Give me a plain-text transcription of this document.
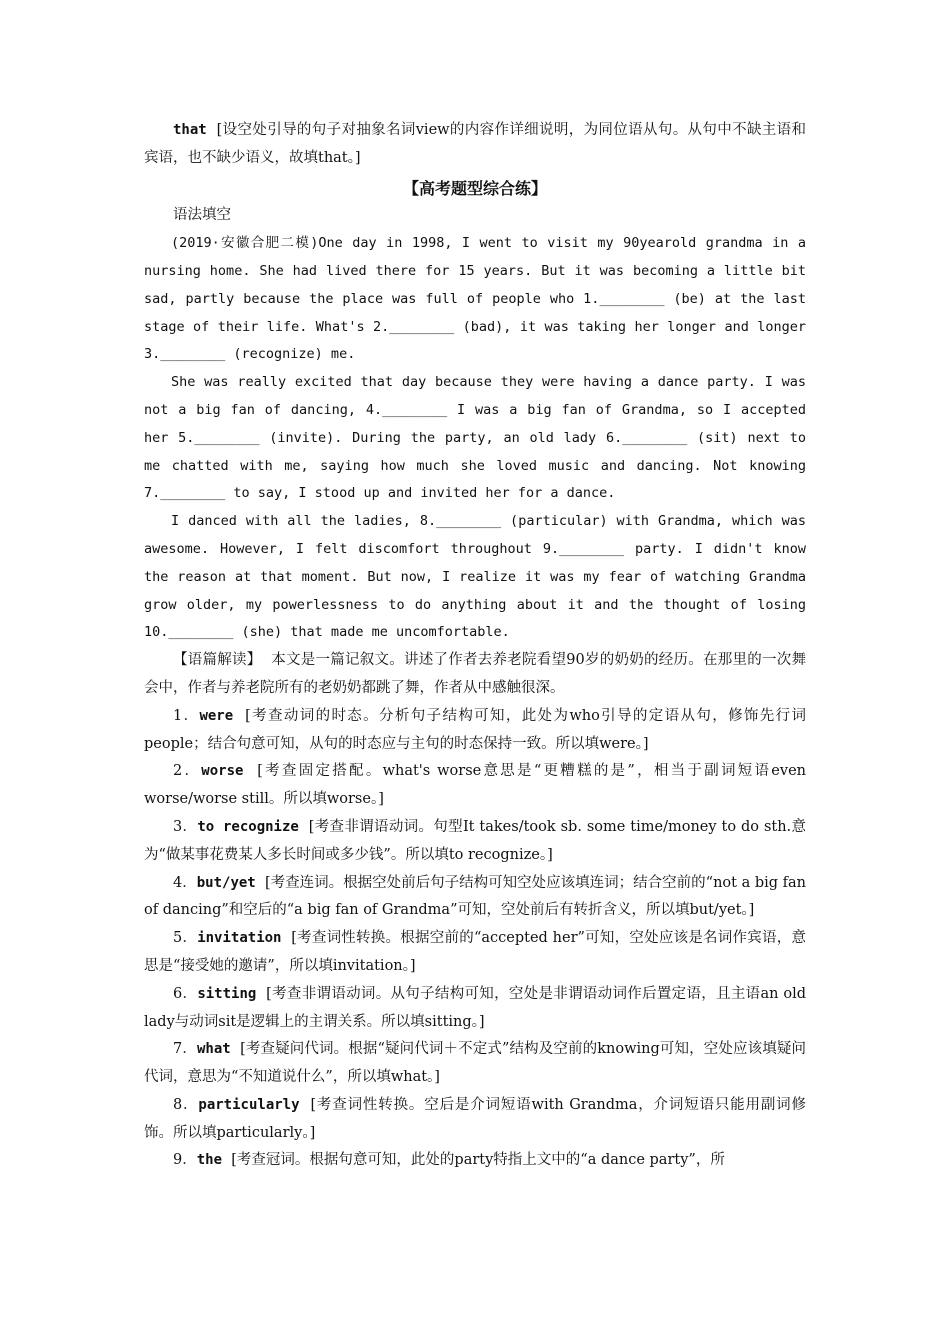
that [设空处引导的句子对抽象名词view的内容作详细说明，为同位语从句。从句中不缺主语和宾语，也不缺少语义，故填that。]

【高考题型综合练】

语法填空

(2019·安徽合肥二模)One day in 1998, I went to visit my 90yearold grandma in a nursing home. She had lived there for 15 years. But it was becoming a little bit sad, partly because the place was full of people who 1.________ (be) at the last stage of their life. What's 2.________ (bad), it was taking her longer and longer 3.________ (recognize) me.

She was really excited that day because they were having a dance party. I was not a big fan of dancing, 4.________ I was a big fan of Grandma, so I accepted her 5.________ (invite). During the party, an old lady 6.________ (sit) next to me chatted with me, saying how much she loved music and dancing. Not knowing 7.________ to say, I stood up and invited her for a dance.

I danced with all the ladies, 8.________ (particular) with Grandma, which was awesome. However, I felt discomfort throughout 9.________ party. I didn't know the reason at that moment. But now, I realize it was my fear of watching Grandma grow older, my powerlessness to do anything about it and the thought of losing 10.________ (she) that made me uncomfortable.

【语篇解读】 本文是一篇记叙文。讲述了作者去养老院看望90岁的奶奶的经历。在那里的一次舞会中，作者与养老院所有的老奶奶都跳了舞，作者从中感触很深。

1．were [考查动词的时态。分析句子结构可知，此处为who引导的定语从句，修饰先行词people；结合句意可知，从句的时态应与主句的时态保持一致。所以填were。]

2．worse [考查固定搭配。what's worse意思是“更糟糕的是”，相当于副词短语even worse/worse still。所以填worse。]

3．to recognize [考查非谓语动词。句型It takes/took sb. some time/money to do sth.意为“做某事花费某人多长时间或多少钱”。所以填to recognize。]

4．but/yet [考查连词。根据空处前后句子结构可知空处应该填连词；结合空前的“not a big fan of dancing”和空后的“a big fan of Grandma”可知，空处前后有转折含义，所以填but/yet。]

5．invitation [考查词性转换。根据空前的“accepted her”可知，空处应该是名词作宾语，意思是“接受她的邀请”，所以填invitation。]

6．sitting [考查非谓语动词。从句子结构可知，空处是非谓语动词作后置定语，且主语an old lady与动词sit是逻辑上的主谓关系。所以填sitting。]

7．what [考查疑问代词。根据“疑问代词＋不定式”结构及空前的knowing可知，空处应该填疑问代词，意思为“不知道说什么”，所以填what。]

8．particularly [考查词性转换。空后是介词短语with Grandma，介词短语只能用副词修饰。所以填particularly。]

9．the [考查冠词。根据句意可知，此处的party特指上文中的“a dance party”，所
